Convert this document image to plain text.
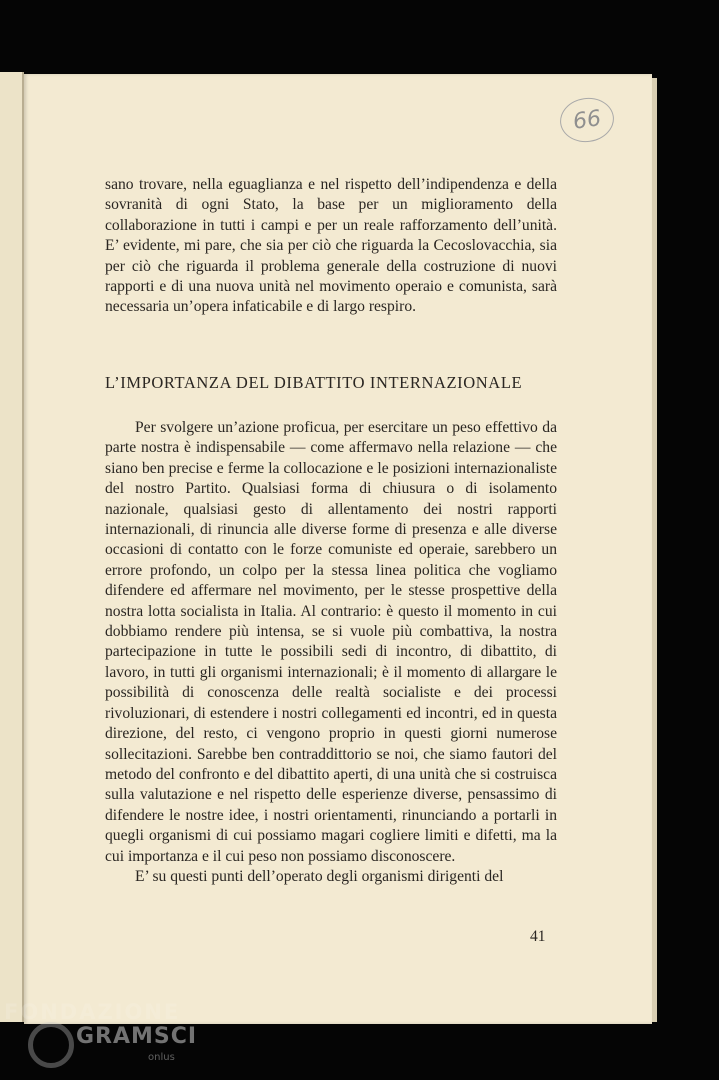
66

sano trovare, nella eguaglianza e nel rispetto dell’indipendenza e della sovranità di ogni Stato, la base per un miglioramento della collaborazione in tutti i campi e per un reale rafforzamento dell’unità. E’ evidente, mi pare, che sia per ciò che riguarda la Cecoslovacchia, sia per ciò che riguarda il problema generale della costruzione di nuovi rapporti e di una nuova unità nel movimento operaio e comunista, sarà necessaria un’opera infaticabile e di largo respiro.

L’IMPORTANZA DEL DIBATTITO INTERNAZIONALE

Per svolgere un’azione proficua, per esercitare un peso effettivo da parte nostra è indispensabile — come affermavo nella relazione — che siano ben precise e ferme la collocazione e le posizioni internazionaliste del nostro Partito. Qualsiasi forma di chiusura o di isolamento nazionale, qualsiasi gesto di allentamento dei nostri rapporti internazionali, di rinuncia alle diverse forme di presenza e alle diverse occasioni di contatto con le forze comuniste ed operaie, sarebbero un errore profondo, un colpo per la stessa linea politica che vogliamo difendere ed affermare nel movimento, per le stesse prospettive della nostra lotta socialista in Italia. Al contrario: è questo il momento in cui dobbiamo rendere più intensa, se si vuole più combattiva, la nostra partecipazione in tutte le possibili sedi di incontro, di dibattito, di lavoro, in tutti gli organismi internazionali; è il momento di allargare le possibilità di conoscenza delle realtà socialiste e dei processi rivoluzionari, di estendere i nostri collegamenti ed incontri, ed in questa direzione, del resto, ci vengono proprio in questi giorni numerose sollecitazioni. Sarebbe ben contraddittorio se noi, che siamo fautori del metodo del confronto e del dibattito aperti, di una unità che si costruisca sulla valutazione e nel rispetto delle esperienze diverse, pensassimo di difendere le nostre idee, i nostri orientamenti, rinunciando a portarli in quegli organismi di cui possiamo magari cogliere limiti e difetti, ma la cui importanza e il cui peso non possiamo disconoscere.

E’ su questi punti dell’operato degli organismi dirigenti del

41
FONDAZIONE
GRAMSCI
onlus
